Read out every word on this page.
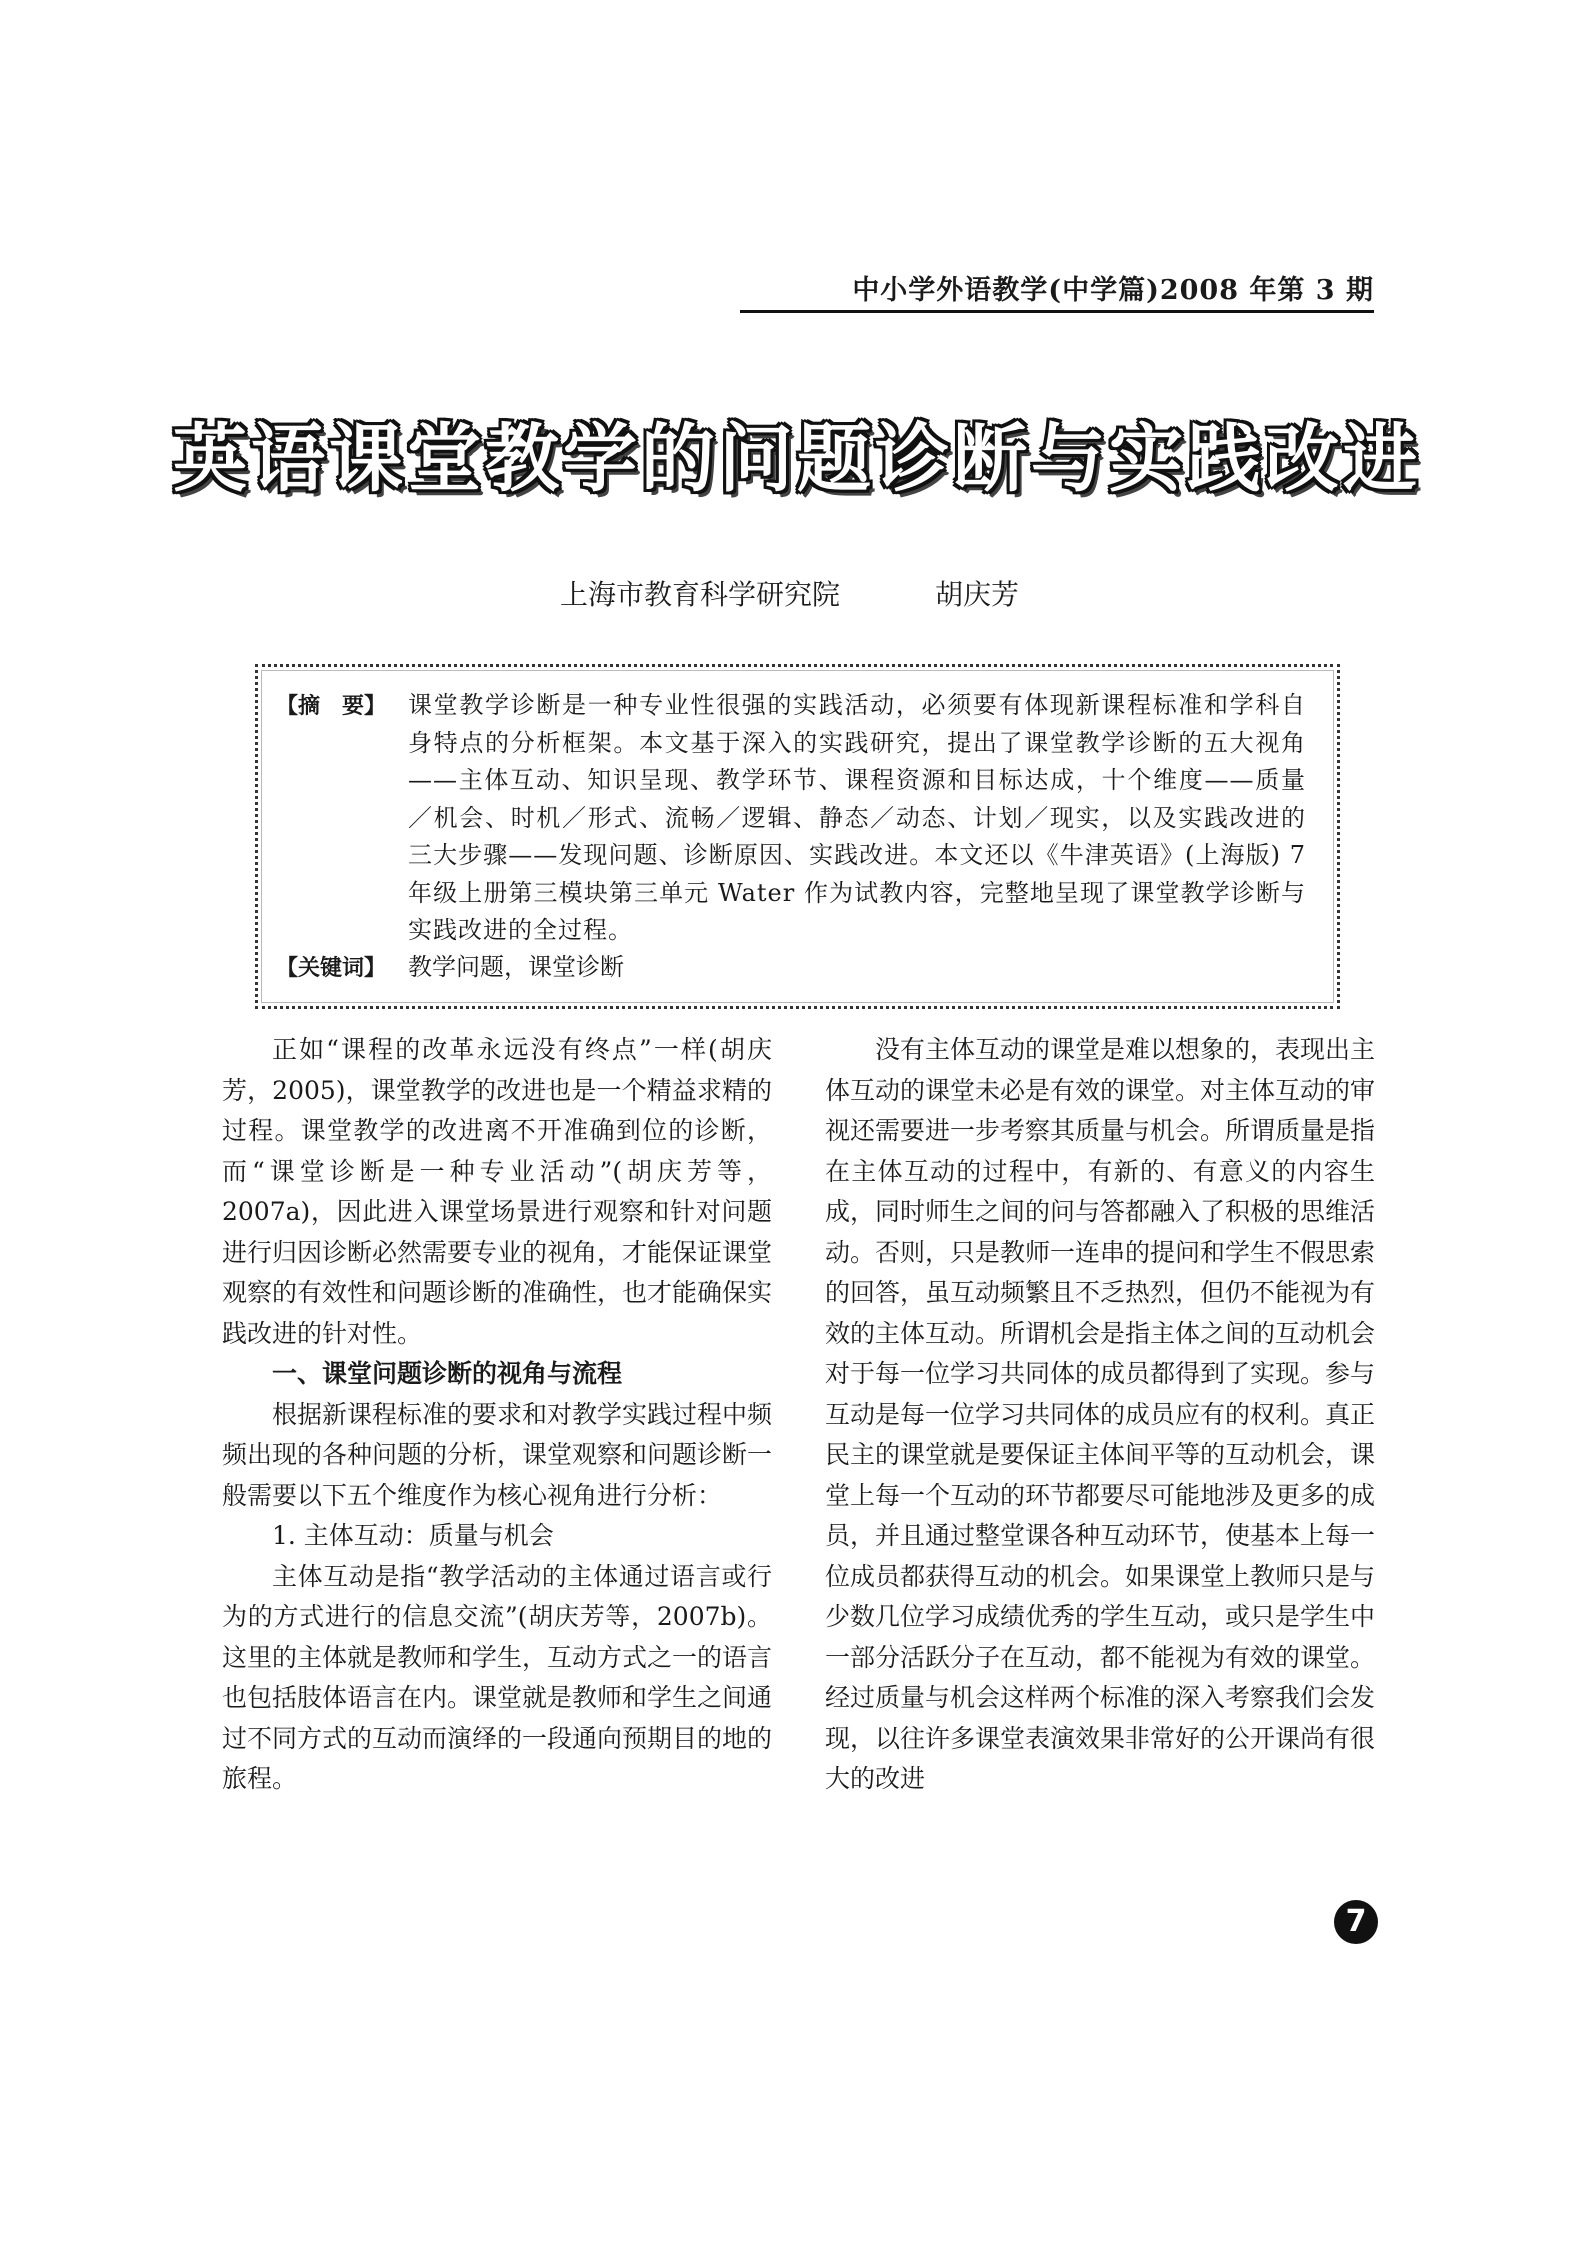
中小学外语教学(中学篇)2008 年第 3 期
英语课堂教学的问题诊断与实践改进
上海市教育科学研究院	胡庆芳
【摘　要】 课堂教学诊断是一种专业性很强的实践活动，必须要有体现新课程标准和学科自身特点的分析框架。本文基于深入的实践研究，提出了课堂教学诊断的五大视角——主体互动、知识呈现、教学环节、课程资源和目标达成，十个维度——质量／机会、时机／形式、流畅／逻辑、静态／动态、计划／现实，以及实践改进的三大步骤——发现问题、诊断原因、实践改进。本文还以《牛津英语》(上海版) 7 年级上册第三模块第三单元 Water 作为试教内容，完整地呈现了课堂教学诊断与实践改进的全过程。
【关键词】 教学问题，课堂诊断

正如“课程的改革永远没有终点”一样(胡庆芳，2005)，课堂教学的改进也是一个精益求精的过程。课堂教学的改进离不开准确到位的诊断，而“课堂诊断是一种专业活动”(胡庆芳等，2007a)，因此进入课堂场景进行观察和针对问题进行归因诊断必然需要专业的视角，才能保证课堂观察的有效性和问题诊断的准确性，也才能确保实践改进的针对性。

一、课堂问题诊断的视角与流程

根据新课程标准的要求和对教学实践过程中频频出现的各种问题的分析，课堂观察和问题诊断一般需要以下五个维度作为核心视角进行分析：

1. 主体互动：质量与机会

主体互动是指“教学活动的主体通过语言或行为的方式进行的信息交流”(胡庆芳等，2007b)。这里的主体就是教师和学生，互动方式之一的语言也包括肢体语言在内。课堂就是教师和学生之间通过不同方式的互动而演绎的一段通向预期目的地的旅程。

没有主体互动的课堂是难以想象的，表现出主体互动的课堂未必是有效的课堂。对主体互动的审视还需要进一步考察其质量与机会。所谓质量是指在主体互动的过程中，有新的、有意义的内容生成，同时师生之间的问与答都融入了积极的思维活动。否则，只是教师一连串的提问和学生不假思索的回答，虽互动频繁且不乏热烈，但仍不能视为有效的主体互动。所谓机会是指主体之间的互动机会对于每一位学习共同体的成员都得到了实现。参与互动是每一位学习共同体的成员应有的权利。真正民主的课堂就是要保证主体间平等的互动机会，课堂上每一个互动的环节都要尽可能地涉及更多的成员，并且通过整堂课各种互动环节，使基本上每一位成员都获得互动的机会。如果课堂上教师只是与少数几位学习成绩优秀的学生互动，或只是学生中一部分活跃分子在互动，都不能视为有效的课堂。经过质量与机会这样两个标准的深入考察我们会发现，以往许多课堂表演效果非常好的公开课尚有很大的改进

7
